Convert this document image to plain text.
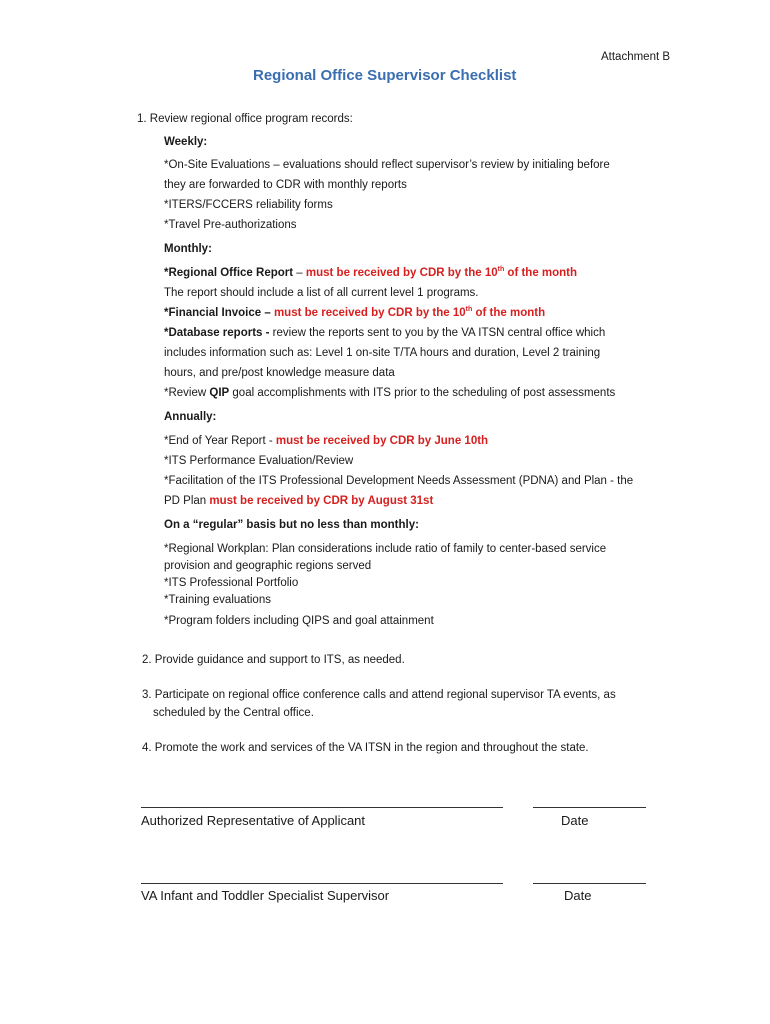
Attachment B
Regional Office Supervisor Checklist
1. Review regional office program records:
Weekly:
*On-Site Evaluations – evaluations should reflect supervisor’s review by initialing before
they are forwarded to CDR with monthly reports
*ITERS/FCCERS reliability forms
*Travel Pre-authorizations
Monthly:
*Regional Office Report – must be received by CDR by the 10th of the month
The report should include a list of all current level 1 programs.
*Financial Invoice – must be received by CDR by the 10th of the month
*Database reports - review the reports sent to you by the VA ITSN central office which
includes information such as: Level 1 on-site T/TA hours and duration, Level 2 training
hours, and pre/post knowledge measure data
*Review QIP goal accomplishments with ITS prior to the scheduling of post assessments
Annually:
*End of Year Report - must be received by CDR by June 10th
*ITS Performance Evaluation/Review
*Facilitation of the ITS Professional Development Needs Assessment (PDNA) and Plan - the
PD Plan must be received by CDR by August 31st
On a “regular” basis but no less than monthly:
*Regional Workplan: Plan considerations include ratio of family to center-based service
provision and geographic regions served
*ITS Professional Portfolio
*Training evaluations
*Program folders including QIPS and goal attainment
2. Provide guidance and support to ITS, as needed.
3. Participate on regional office conference calls and attend regional supervisor TA events, as
scheduled by the Central office.
4. Promote the work and services of the VA ITSN in the region and throughout the state.
Authorized Representative of Applicant	Date
VA Infant and Toddler Specialist Supervisor	Date
